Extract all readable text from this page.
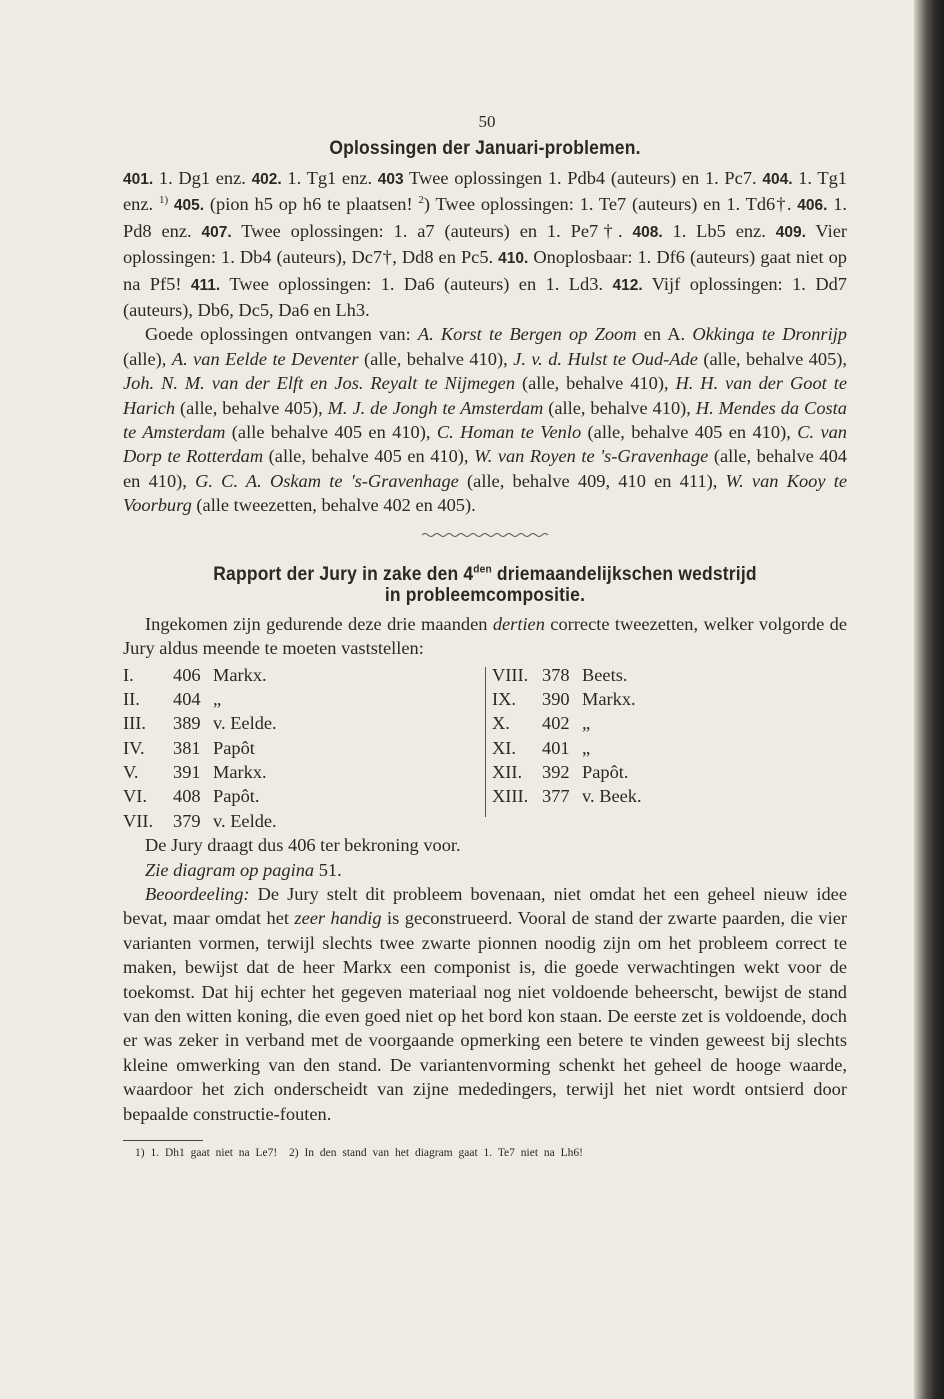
50
Oplossingen der Januari-problemen.

401. 1. Dg1 enz. 402. 1. Tg1 enz. 403 Twee oplossingen 1. Pdb4 (auteurs) en 1. Pc7. 404. 1. Tg1 enz. $^{1)}$ 405. (pion h5 op h6 te plaatsen! $^2$) Twee oplossingen: 1. Te7 (auteurs) en 1. Td6†. 406. 1. Pd8 enz. 407. Twee oplossingen: 1. a7 (auteurs) en 1. Pe7†. 408. 1. Lb5 enz. 409. Vier oplossingen: 1. Db4 (auteurs), Dc7†, Dd8 en Pc5. 410. Onoplosbaar: 1. Df6 (auteurs) gaat niet op na Pf5! 411. Twee oplossingen: 1. Da6 (auteurs) en 1. Ld3. 412. Vijf oplossingen: 1. Dd7 (auteurs), Db6, Dc5, Da6 en Lh3.

Goede oplossingen ontvangen van: A. Korst te Bergen op Zoom en A. Okkinga te Dronrijp (alle), A. van Eelde te Deventer (alle, behalve 410), J. v. d. Hulst te Oud-Ade (alle, behalve 405), Joh. N. M. van der Elft en Jos. Reyalt te Nijmegen (alle, behalve 410), H. H. van der Goot te Harich (alle, behalve 405), M. J. de Jongh te Amsterdam (alle, behalve 410), H. Mendes da Costa te Amsterdam (alle behalve 405 en 410), C. Homan te Venlo (alle, behalve 405 en 410), C. van Dorp te Rotterdam (alle, behalve 405 en 410), W. van Royen te 's-Gravenhage (alle, behalve 404 en 410), G. C. A. Oskam te 's-Gravenhage (alle, behalve 409, 410 en 411), W. van Kooy te Voorburg (alle tweezetten, behalve 402 en 405).

Rapport der Jury in zake den $4^{den}$ driemaandelijkschen wedstrijd
in probleemcompositie.

Ingekomen zijn gedurende deze drie maanden dertien correcte tweezetten, welker volgorde de Jury aldus meende te moeten vaststellen:

I.	406 Markx.
II.	404 „
III.	389 v. Eelde.
IV.	381 Papôt
V.	391 Markx.
VI.	408 Papôt.
VII.	379 v. Eelde.
VIII. 378 Beets.
IX.	390 Markx.
X.	402 „
XI.	401 „
XII.	392 Papôt.
XIII. 377 v. Beek.

De Jury draagt dus 406 ter bekroning voor.

Zie diagram op pagina 51.

Beoordeeling: De Jury stelt dit probleem bovenaan, niet omdat het een geheel nieuw idee bevat, maar omdat het zeer handig is geconstrueerd. Vooral de stand der zwarte paarden, die vier varianten vormen, terwijl slechts twee zwarte pionnen noodig zijn om het probleem correct te maken, bewijst dat de heer Markx een componist is, die goede verwachtingen wekt voor de toekomst. Dat hij echter het gegeven materiaal nog niet voldoende beheerscht, bewijst de stand van den witten koning, die even goed niet op het bord kon staan. De eerste zet is voldoende, doch er was zeker in verband met de voorgaande opmerking een betere te vinden geweest bij slechts kleine omwerking van den stand. De variantenvorming schenkt het geheel de hooge waarde, waardoor het zich onderscheidt van zijne mededingers, terwijl het niet wordt ontsierd door bepaalde constructie-fouten.

1) 1. Dh1 gaat niet na Le7! 2) In den stand van het diagram gaat 1. Te7 niet na Lh6!
